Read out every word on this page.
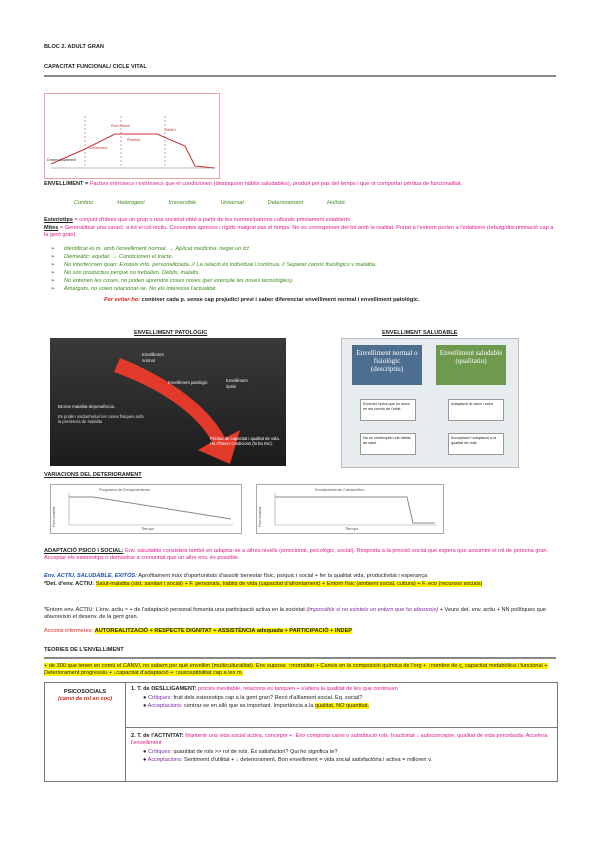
BLOC 2. ADULT GRAN
CAPACITAT FUNCIONAL/ CICLE VITAL
Punt màxim
Declivi
Plenitud
Creixement
Desenvolupament
ENVELLIMENT = Factors intrínsecs i extrínsecs que el condicionen (destaquem hàbits saludables), produït pel pas del temps i que ot comportar pèrdua de funcionalitat.
Continu	Heterogeni	Irreversible	Universal	Deteriorament	Holístic
Esteriotips = conjunt d'idees que un grup o una societat obté a partir de les normes/patrons culturals prèviament establerts.
Mites = Generalitzar una caract. a tot el col·lectiu. Conceptes apresos i rígids malgrat pas el temps. No es corresponen del tot amb la realitat. Portat a l'extrem porten a l'edatisme (rebuig/discriminació cap a la gent gran).
➢ Identificar-lo m. amb l'envelliment normal. → Aplicat medicina: negar un tct
➢ Diemeàtic: equitat. → Condicionen el tracte.
➢ No interferirsen quan: Existeix info. personalitzada. // La relació és individual i contínua. // Separar canvis fisiològics v malaltia.
➢ No són productius perquè no treballen. Dèbils, malalts.
➢ No entenen les coses, no poden aprendre coses noves (per exemple les noves tecnologies).
➢ Amargats, no volen relacionar-se. No els interessa l'actualitat.
Per evitar-ho: conèixer cada p. sense cap prejudici previ i saber diferenciar envelliment normal i envelliment patològic.
ENVELLIMENT PATOLÒGIC	ENVELLIMENT SALUDABLE
Envelliment
normal
Envelliment patològic	Envelliment
òptim
Brome malaltia-dependència.
Es poden oxidar/reduir les coses físiques amb la presència de malaltia
Pèrdua de capacitat i qualitat de vida. Ha d'haver condicions (hi ha risc).
Envelliment normal o fisiològic
(descriptiu)
Envelliment saludable
(qualitatiu)
Evolució típica que es dona en els canvis de l'edat.
Adaptació al canvi i salut
No es contemplen els hàbits de salut
Acceptació i adaptació a la qualitat de vida.
VARIACIONS DEL DETERIORAMENT
Programa de Envejecimiento
Tiempo
Funcionalitat
Envejecimiento Catastrófico
Tiempo
Funcionalitat
ADAPTACIÓ PSICO I SOCIAL: Env. saludable consisteix també en adaptar-se a altres nivells (emocional, psicològic, social). Resposta a la pressió social que espera que assumim el rol de persona gran. Acceptar els estereotips o demostrar a comunitat que un altre env. és possible.
Env. ACTIU, SALUDABLE, EXITÓS: Aprofitament màx d'oportunitats d'assolir benestar físic, psíquic i social + fer la qualitat vida, productivitat i esperança
*Det. d'env. ACTIU: Salut-malaltia (sist. sanitari i social) + F. personals, hàbits de vida (capacitat d'afrontament) + Entorn físic (ambient social, cultura) + F. eco (recursos socials)
*Entorn env. ACTIU: L'env. actiu ≈ + de l'adaptació personal fomenta una participació activa en la societat (impossible si no existeix un entorn que ho afavoreix) + Veure det. env. actiu + NN polítiques que afavoreixin el desenv. de la gent gran.
Accions infermeres: AUTOREALITZACIÓ + RESPECTE DIGNITAT + ASSISTÈNCIA adequada + PARTICIPACIÓ + INDEP
TEORIES DE L'ENVELLIMENT
+ de 300 que tenen en comú el CANVI, no sabem per què envellim (multiculturalitat). Env suposa: ↑mortalitat + Canvis en la composició química de l'org + ↓nombre de ç, capacitat metabòlica i funcional + Deteriorament progressiu + ↓capacitat d'adaptació + ↑susceptibilitat cap a les m.
PSICOSOCIALS
(canvi de rol en soc)
1. T. de DESLLIGAMENT: procés inevitable, relacions es tanquen + s'altera la qualitat de les que continuen
● Crítiques: fruit dels estereotips cap a la gent gran? Recó d'aïllament social. Eq. social?
● Acceptacions: centrar-se en allò que es important. Importància a la qualitat, NO quantitat.
2. T. de l'ACTIVITAT: Mantenir una vida social activa, concepte +. Env comporta canvi o substitució rols. Inactivitat ↓ autoconcepte, qualitat de vida percebuda. Accelera l'envelliment
● Crítiques: quantitat de rols >> rol de rols. És satisfactori? Qui ho significa te?
● Acceptacions: Sentiment d'utilitat + ↓ deteriorament. Bon envelliment = vida social satisfactòria i activa = milloren v.
